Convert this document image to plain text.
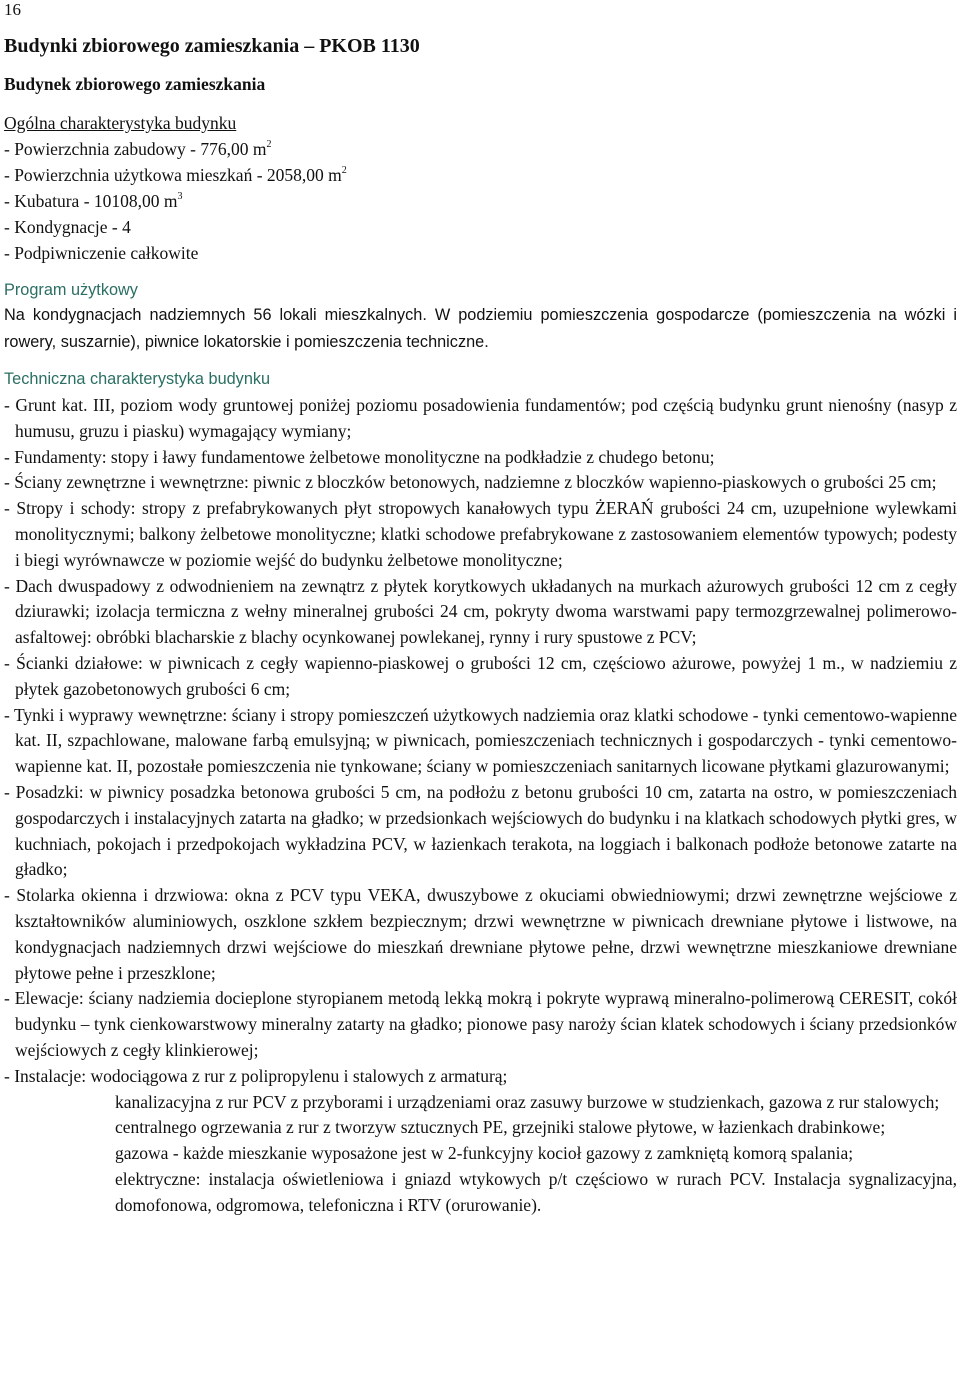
16
Budynki zbiorowego zamieszkania – PKOB 1130
Budynek zbiorowego zamieszkania
Ogólna charakterystyka budynku
- Powierzchnia zabudowy - 776,00 $m^2$
- Powierzchnia użytkowa mieszkań - 2058,00 $m^2$
- Kubatura - 10108,00 $m^3$
- Kondygnacje - 4
- Podpiwniczenie całkowite
Program użytkowy
Na kondygnacjach nadziemnych 56 lokali mieszkalnych. W podziemiu pomieszczenia gospodarcze (pomieszczenia na wózki i rowery, suszarnie), piwnice lokatorskie i pomieszczenia techniczne.
Techniczna charakterystyka budynku
- Grunt kat. III, poziom wody gruntowej poniżej poziomu posadowienia fundamentów; pod częścią budynku grunt nienośny (nasyp z humusu, gruzu i piasku) wymagający wymiany;
- Fundamenty: stopy i ławy fundamentowe żelbetowe monolityczne na podkładzie z chudego betonu;
- Ściany zewnętrzne i wewnętrzne: piwnic z bloczków betonowych, nadziemne z bloczków wapienno-piaskowych o grubości 25 cm;
- Stropy i schody: stropy z prefabrykowanych płyt stropowych kanałowych typu ŻERAŃ grubości 24 cm, uzupełnione wylewkami monolitycznymi; balkony żelbetowe monolityczne; klatki schodowe prefabrykowane z zastosowaniem elementów typowych; podesty i biegi wyrównawcze w poziomie wejść do budynku żelbetowe monolityczne;
- Dach dwuspadowy z odwodnieniem na zewnątrz z płytek korytkowych układanych na murkach ażurowych grubości 12 cm z cegły dziurawki; izolacja termiczna z wełny mineralnej grubości 24 cm, pokryty dwoma warstwami papy termozgrzewalnej polimerowo-asfaltowej: obróbki blacharskie z blachy ocynkowanej powlekanej, rynny i rury spustowe z PCV;
- Ścianki działowe: w piwnicach z cegły wapienno-piaskowej o grubości 12 cm, częściowo ażurowe, powyżej 1 m., w nadziemiu z płytek gazobetonowych grubości 6 cm;
- Tynki i wyprawy wewnętrzne: ściany i stropy pomieszczeń użytkowych nadziemia oraz klatki schodowe - tynki cementowo-wapienne kat. II, szpachlowane, malowane farbą emulsyjną; w piwnicach, pomieszczeniach technicznych i gospodarczych - tynki cementowo-wapienne kat. II, pozostałe pomieszczenia nie tynkowane; ściany w pomieszczeniach sanitarnych licowane płytkami glazurowanymi;
- Posadzki: w piwnicy posadzka betonowa grubości 5 cm, na podłożu z betonu grubości 10 cm, zatarta na ostro, w pomieszczeniach gospodarczych i instalacyjnych zatarta na gładko; w przedsionkach wejściowych do budynku i na klatkach schodowych płytki gres, w kuchniach, pokojach i przedpokojach wykładzina PCV, w łazienkach terakota, na loggiach i balkonach podłoże betonowe zatarte na gładko;
- Stolarka okienna i drzwiowa: okna z PCV typu VEKA, dwuszybowe z okuciami obwiedniowymi; drzwi zewnętrzne wejściowe z kształtowników aluminiowych, oszklone szkłem bezpiecznym; drzwi wewnętrzne w piwnicach drewniane płytowe i listwowe, na kondygnacjach nadziemnych drzwi wejściowe do mieszkań drewniane płytowe pełne, drzwi wewnętrzne mieszkaniowe drewniane płytowe pełne i przeszklone;
- Elewacje: ściany nadziemia docieplone styropianem metodą lekką mokrą i pokryte wyprawą mineralno-polimerową CERESIT, cokół budynku – tynk cienkowarstwowy mineralny zatarty na gładko; pionowe pasy naroży ścian klatek schodowych i ściany przedsionków wejściowych z cegły klinkierowej;
- Instalacje: wodociągowa z rur z polipropylenu i stalowych z armaturą;
kanalizacyjna z rur PCV z przyborami i urządzeniami oraz zasuwy burzowe w studzienkach, gazowa z rur stalowych;
centralnego ogrzewania z rur z tworzyw sztucznych PE, grzejniki stalowe płytowe, w łazienkach drabinkowe;
gazowa - każde mieszkanie wyposażone jest w 2-funkcyjny kocioł gazowy z zamkniętą komorą spalania;
elektryczne: instalacja oświetleniowa i gniazd wtykowych p/t częściowo w rurach PCV. Instalacja sygnalizacyjna, domofonowa, odgromowa, telefoniczna i RTV (orurowanie).
